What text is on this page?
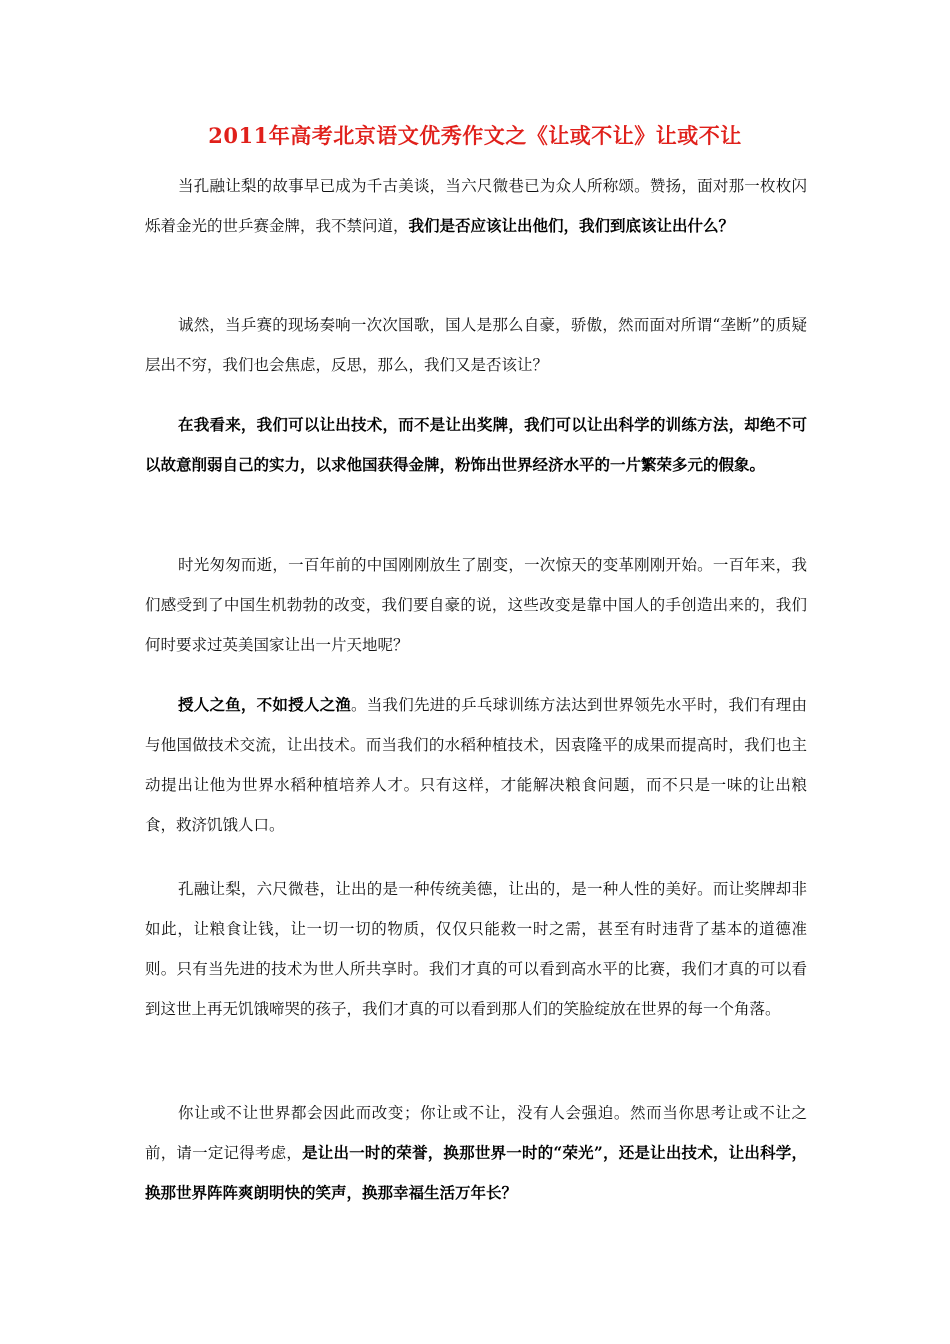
2011年高考北京语文优秀作文之《让或不让》让或不让

当孔融让梨的故事早已成为千古美谈，当六尺微巷已为众人所称颂。赞扬，面对那一枚枚闪烁着金光的世乒赛金牌，我不禁问道，我们是否应该让出他们，我们到底该让出什么？

诚然，当乒赛的现场奏响一次次国歌，国人是那么自豪，骄傲，然而面对所谓“垄断”的质疑层出不穷，我们也会焦虑，反思，那么，我们又是否该让？

在我看来，我们可以让出技术，而不是让出奖牌，我们可以让出科学的训练方法，却绝不可以故意削弱自己的实力，以求他国获得金牌，粉饰出世界经济水平的一片繁荣多元的假象。

时光匆匆而逝，一百年前的中国刚刚放生了剧变，一次惊天的变革刚刚开始。一百年来，我们感受到了中国生机勃勃的改变，我们要自豪的说，这些改变是靠中国人的手创造出来的，我们何时要求过英美国家让出一片天地呢？

授人之鱼，不如授人之渔。当我们先进的乒乓球训练方法达到世界领先水平时，我们有理由与他国做技术交流，让出技术。而当我们的水稻种植技术，因袁隆平的成果而提高时，我们也主动提出让他为世界水稻种植培养人才。只有这样，才能解决粮食问题，而不只是一味的让出粮食，救济饥饿人口。

孔融让梨，六尺微巷，让出的是一种传统美德，让出的，是一种人性的美好。而让奖牌却非如此，让粮食让钱，让一切一切的物质，仅仅只能救一时之需，甚至有时违背了基本的道德准则。只有当先进的技术为世人所共享时。我们才真的可以看到高水平的比赛，我们才真的可以看到这世上再无饥饿啼哭的孩子，我们才真的可以看到那人们的笑脸绽放在世界的每一个角落。

你让或不让世界都会因此而改变；你让或不让，没有人会强迫。然而当你思考让或不让之前，请一定记得考虑，是让出一时的荣誉，换那世界一时的“荣光”，还是让出技术，让出科学，换那世界阵阵爽朗明快的笑声，换那幸福生活万年长？
